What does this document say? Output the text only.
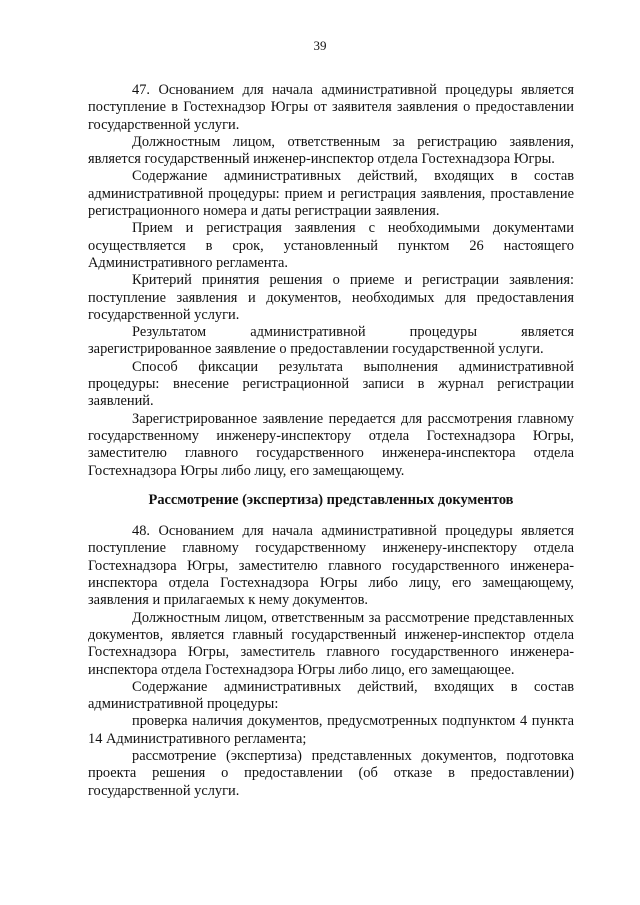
39

47. Основанием для начала административной процедуры является поступление в Гостехнадзор Югры от заявителя заявления о предоставлении государственной услуги.

Должностным лицом, ответственным за регистрацию заявления, является государственный инженер-инспектор отдела Гостехнадзора Югры.

Содержание административных действий, входящих в состав административной процедуры: прием и регистрация заявления, проставление регистрационного номера и даты регистрации заявления.

Прием и регистрация заявления с необходимыми документами осуществляется в срок, установленный пунктом 26 настоящего Административного регламента.

Критерий принятия решения о приеме и регистрации заявления: поступление заявления и документов, необходимых для предоставления государственной услуги.

Результатом административной процедуры является зарегистрированное заявление о предоставлении государственной услуги.

Способ фиксации результата выполнения административной процедуры: внесение регистрационной записи в журнал регистрации заявлений.

Зарегистрированное заявление передается для рассмотрения главному государственному инженеру-инспектору отдела Гостехнадзора Югры, заместителю главного государственного инженера-инспектора отдела Гостехнадзора Югры либо лицу, его замещающему.

Рассмотрение (экспертиза) представленных документов

48. Основанием для начала административной процедуры является поступление главному государственному инженеру-инспектору отдела Гостехнадзора Югры, заместителю главного государственного инженера-инспектора отдела Гостехнадзора Югры либо лицу, его замещающему, заявления и прилагаемых к нему документов.

Должностным лицом, ответственным за рассмотрение представленных документов, является главный государственный инженер-инспектор отдела Гостехнадзора Югры, заместитель главного государственного инженера-инспектора отдела Гостехнадзора Югры либо лицо, его замещающее.

Содержание административных действий, входящих в состав административной процедуры:

проверка наличия документов, предусмотренных подпунктом 4 пункта 14 Административного регламента;

рассмотрение (экспертиза) представленных документов, подготовка проекта решения о предоставлении (об отказе в предоставлении) государственной услуги.
